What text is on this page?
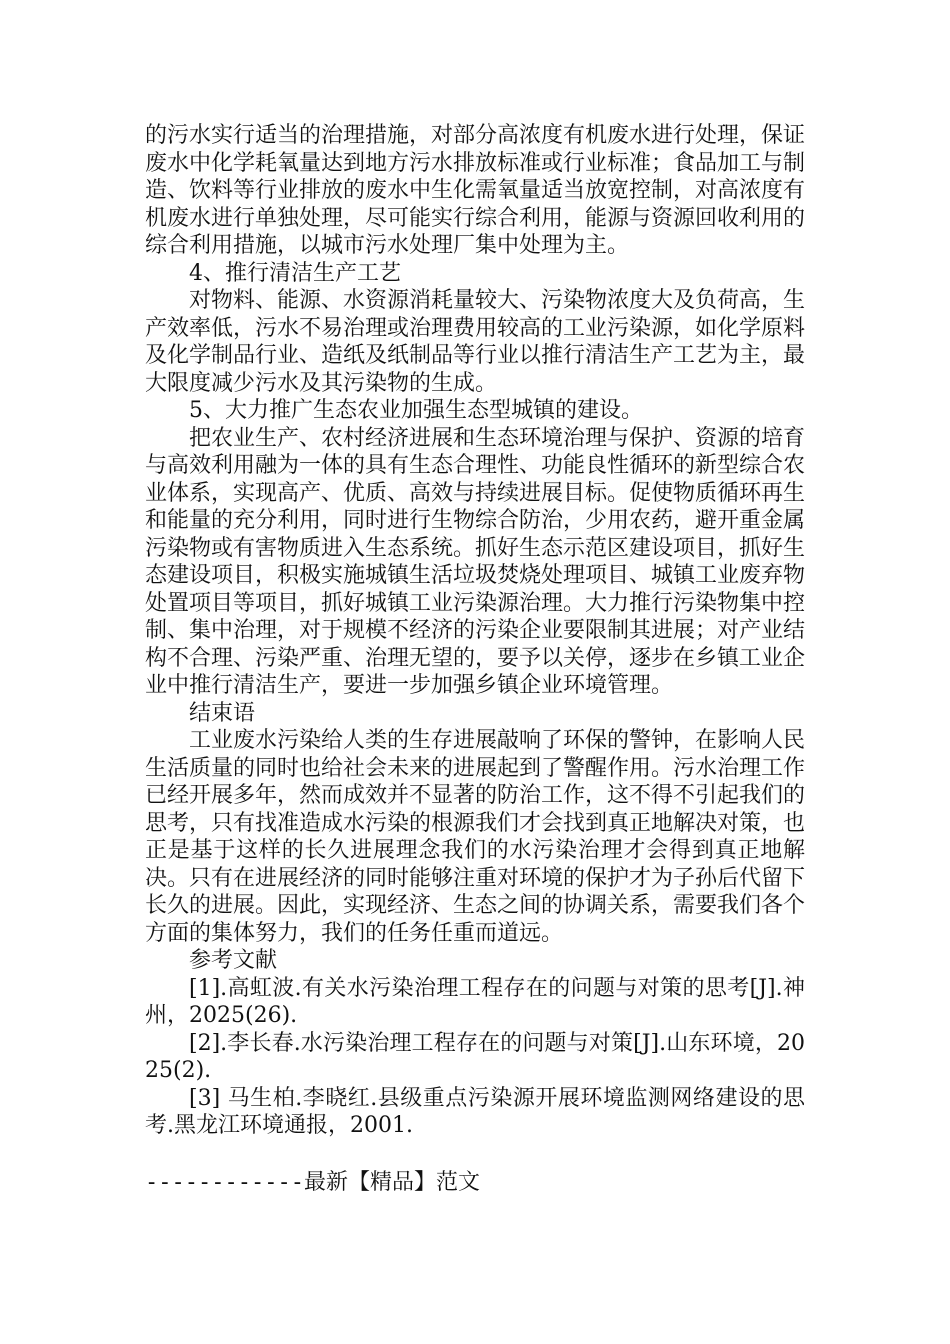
的污水实行适当的治理措施，对部分高浓度有机废水进行处理，保证废水中化学耗氧量达到地方污水排放标准或行业标准；食品加工与制造、饮料等行业排放的废水中生化需氧量适当放宽控制，对高浓度有机废水进行单独处理，尽可能实行综合利用，能源与资源回收利用的综合利用措施，以城市污水处理厂集中处理为主。

4、推行清洁生产工艺

对物料、能源、水资源消耗量较大、污染物浓度大及负荷高，生产效率低，污水不易治理或治理费用较高的工业污染源，如化学原料及化学制品行业、造纸及纸制品等行业以推行清洁生产工艺为主，最大限度减少污水及其污染物的生成。

5、大力推广生态农业加强生态型城镇的建设。

把农业生产、农村经济进展和生态环境治理与保护、资源的培育与高效利用融为一体的具有生态合理性、功能良性循环的新型综合农业体系，实现高产、优质、高效与持续进展目标。促使物质循环再生和能量的充分利用，同时进行生物综合防治，少用农药，避开重金属污染物或有害物质进入生态系统。抓好生态示范区建设项目，抓好生态建设项目，积极实施城镇生活垃圾焚烧处理项目、城镇工业废弃物处置项目等项目，抓好城镇工业污染源治理。大力推行污染物集中控制、集中治理，对于规模不经济的污染企业要限制其进展；对产业结构不合理、污染严重、治理无望的，要予以关停，逐步在乡镇工业企业中推行清洁生产，要进一步加强乡镇企业环境管理。

结束语

工业废水污染给人类的生存进展敲响了环保的警钟，在影响人民生活质量的同时也给社会未来的进展起到了警醒作用。污水治理工作已经开展多年，然而成效并不显著的防治工作，这不得不引起我们的思考，只有找准造成水污染的根源我们才会找到真正地解决对策，也正是基于这样的长久进展理念我们的水污染治理才会得到真正地解决。只有在进展经济的同时能够注重对环境的保护才为子孙后代留下长久的进展。因此，实现经济、生态之间的协调关系，需要我们各个方面的集体努力，我们的任务任重而道远。

参考文献

[1].高虹波.有关水污染治理工程存在的问题与对策的思考[J].神州，2025(26).

[2].李长春.水污染治理工程存在的问题与对策[J].山东环境，2025(2).

[3] 马生柏.李晓红.县级重点污染源开展环境监测网络建设的思考.黑龙江环境通报，2001.

------------最新【精品】范文
